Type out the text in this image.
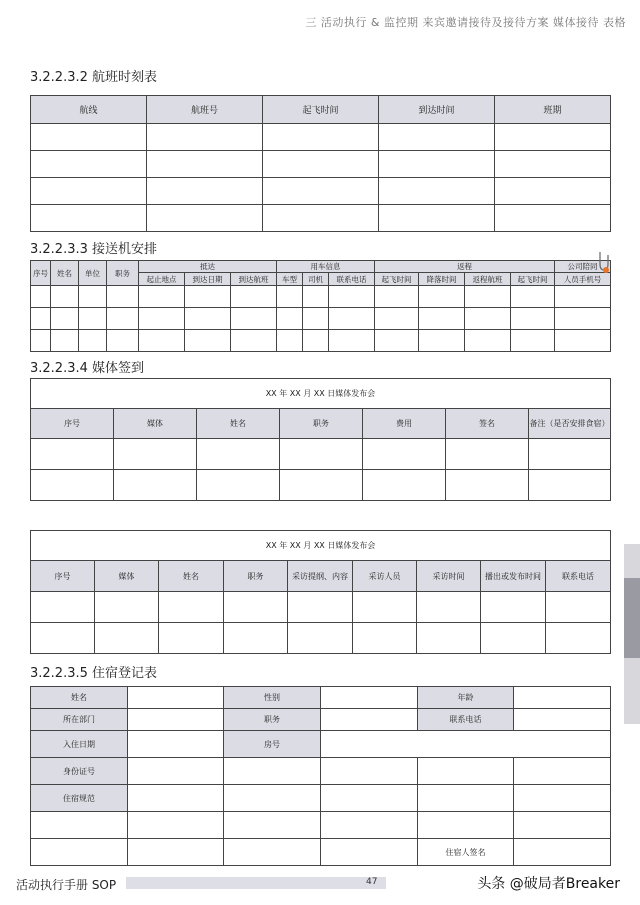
三 活动执行 & 监控期 来宾邀请接待及接待方案 媒体接待 表格
3.2.2.3.2 航班时刻表
航线	航班号	起飞时间	到达时间	班期

3.2.2.3.3 接送机安排
序号	姓名	单位	职务	抵达			用车信息			返程				公司陪同
				起止地点	到达日期	到达航班	车型	司机	联系电话	起飞时间	降落时间	返程航班	起飞时间	人员手机号

3.2.2.3.4 媒体签到
XX 年 XX 月 XX 日媒体发布会						
序号	媒体	姓名	职务	费用	签名	备注（是否安排食宿）

XX 年 XX 月 XX 日媒体发布会								
序号	媒体	姓名	职务	采访提纲、内容	采访人员	采访时间	播出或发布时间	联系电话

3.2.2.3.5 住宿登记表
姓名		性别		年龄	
所在部门		职务		联系电话	
入住日期		房号			
身份证号					
住宿规范					

				住宿人签名	
活动执行手册 SOP	47	头条 @破局者Breaker
